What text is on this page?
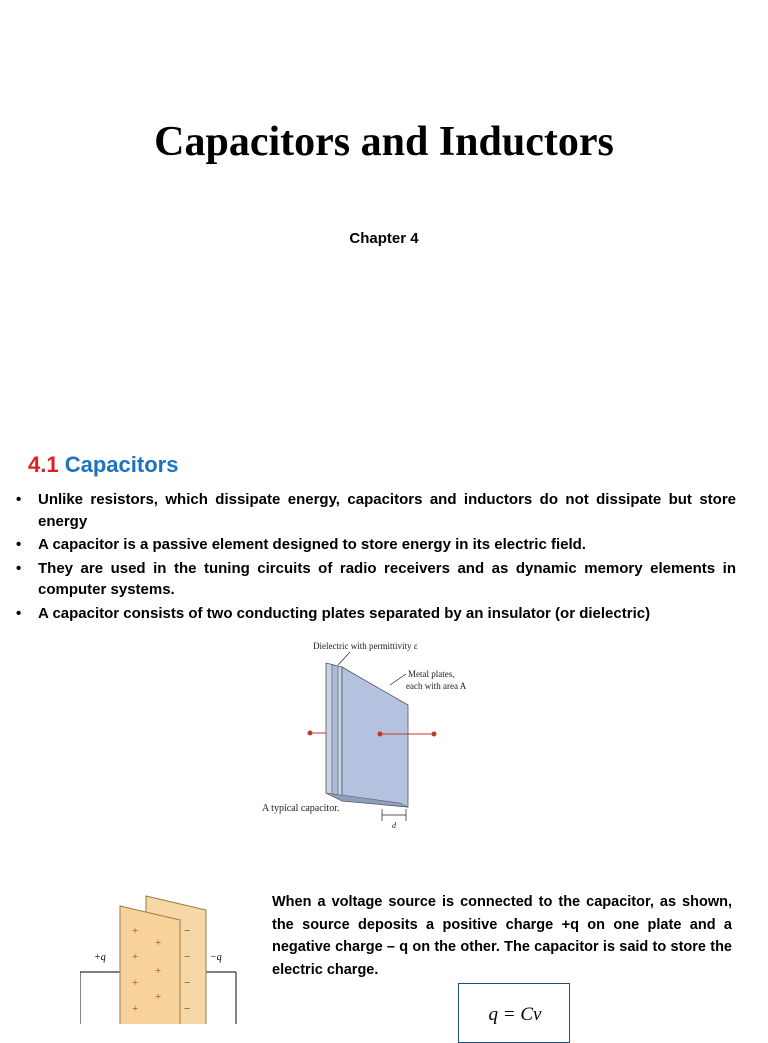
Capacitors and Inductors
Chapter 4
4.1 Capacitors
• Unlike resistors, which dissipate energy, capacitors and inductors do not dissipate but store energy
• A capacitor is a passive element designed to store energy in its electric field.
• They are used in the tuning circuits of radio receivers and as dynamic memory elements in computer systems.
• A capacitor consists of two conducting plates separated by an insulator (or dielectric)
Dielectric with permittivity ε
Metal plates,
each with area A
A typical capacitor.
d
+q	−q
+
+
+
+
+
+
+
−
−
−
−

When a voltage source is connected to the capacitor, as shown, the source deposits a positive charge +q on one plate and a negative charge – q on the other. The capacitor is said to store the electric charge.

q = Cv
